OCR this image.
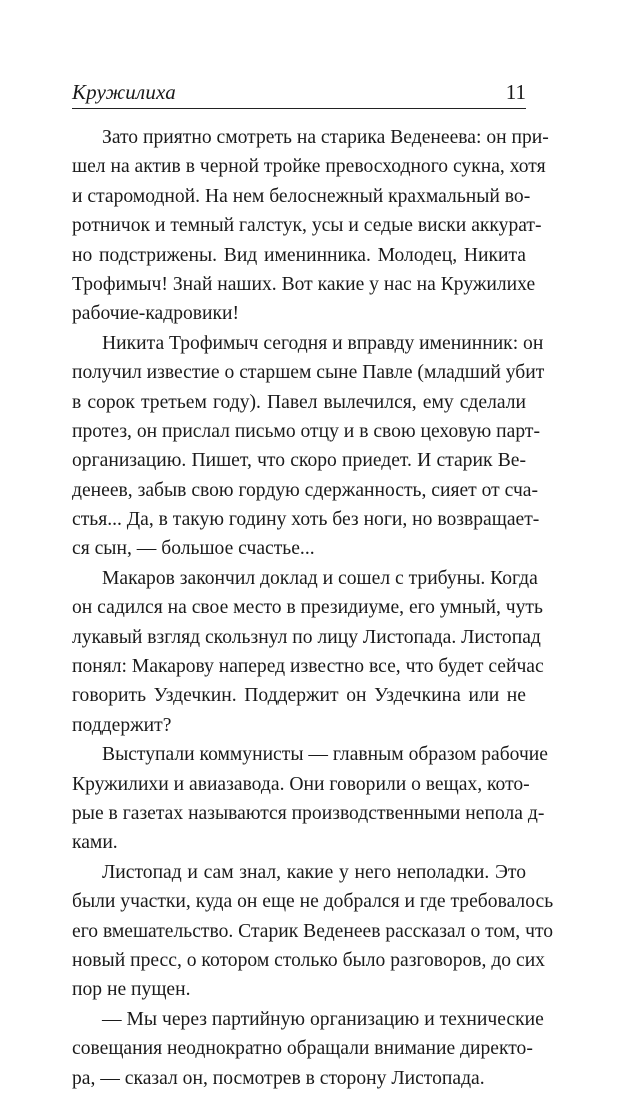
Кружилиха	11
Зато приятно смотреть на старика Веденеева: он при-
шел на актив в черной тройке превосходного сукна, хотя
и старомодной. На нем белоснежный крахмальный во-
ротничок и темный галстук, усы и седые виски аккурат-
но подстрижены. Вид именинника. Молодец, Никита
Трофимыч! Знай наших. Вот какие у нас на Кружилихе
рабочие-кадровики!
Никита Трофимыч сегодня и вправду именинник: он
получил известие о старшем сыне Павле (младший убит
в сорок третьем году). Павел вылечился, ему сделали
протез, он прислал письмо отцу и в свою цеховую парт-
организацию. Пишет, что скоро приедет. И старик Ве-
денеев, забыв свою гордую сдержанность, сияет от сча-
стья... Да, в такую годину хоть без ноги, но возвращает-
ся сын, — большое счастье...
Макаров закончил доклад и сошел с трибуны. Когда
он садился на свое место в президиуме, его умный, чуть
лукавый взгляд скользнул по лицу Листопада. Листопад
понял: Макарову наперед известно все, что будет сейчас
говорить Уздечкин. Поддержит он Уздечкина или не
поддержит?
Выступали коммунисты — главным образом рабочие
Кружилихи и авиазавода. Они говорили о вещах, кото-
рые в газетах называются производственными непола д-
ками.
Листопад и сам знал, какие у него неполадки. Это
были участки, куда он еще не добрался и где требовалось
его вмешательство. Старик Веденеев рассказал о том, что
новый пресс, о котором столько было разговоров, до сих
пор не пущен.
— Мы через партийную организацию и технические
совещания неоднократно обращали внимание директо-
ра, — сказал он, посмотрев в сторону Листопада.
